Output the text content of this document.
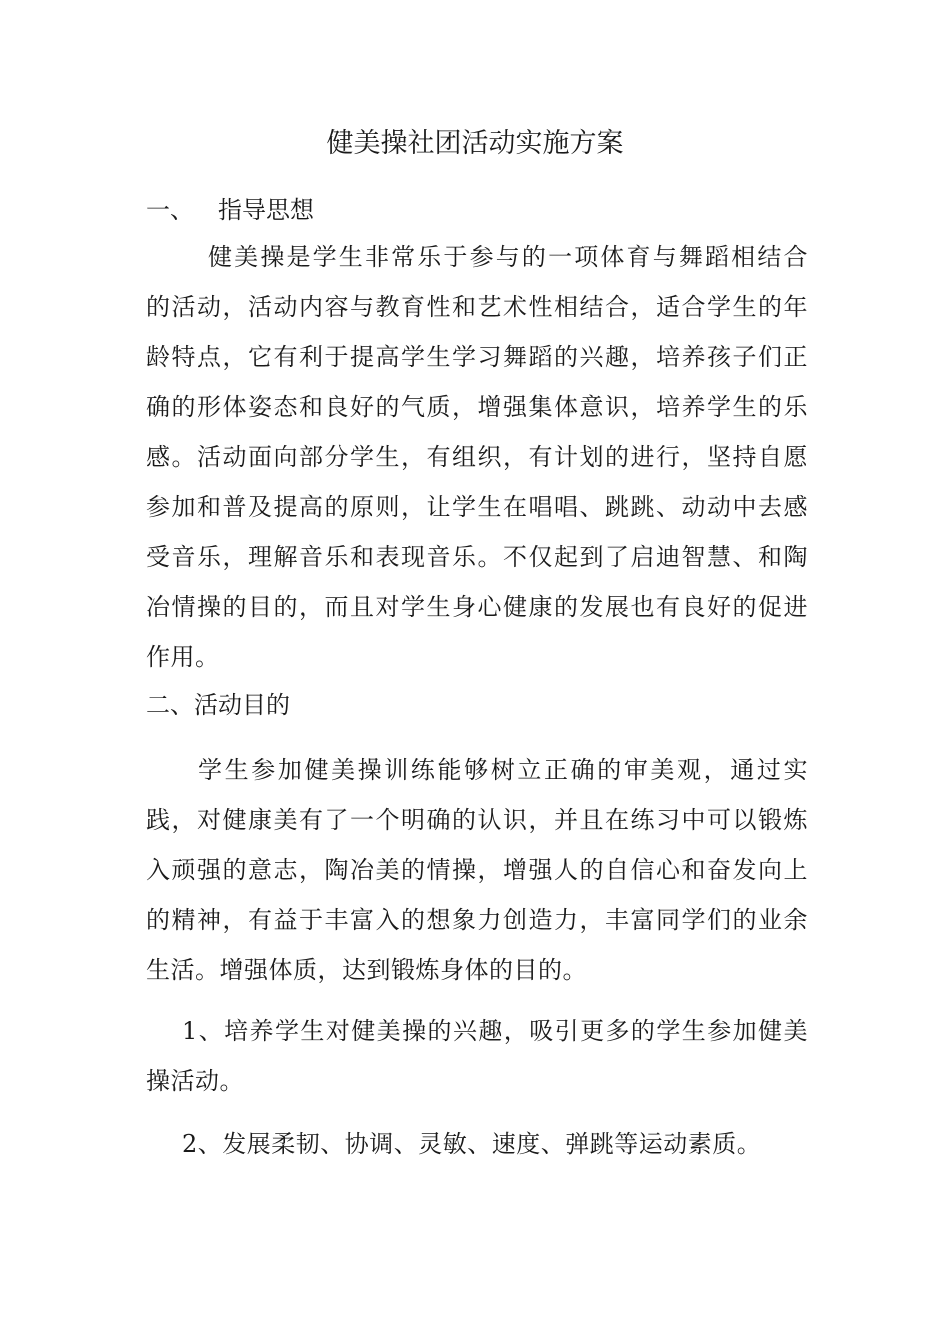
健美操社团活动实施方案
一、 指导思想
健美操是学生非常乐于参与的一项体育与舞蹈相结合
的活动，活动内容与教育性和艺术性相结合，适合学生的年
龄特点，它有利于提高学生学习舞蹈的兴趣，培养孩子们正
确的形体姿态和良好的气质，增强集体意识，培养学生的乐
感。活动面向部分学生，有组织，有计划的进行，坚持自愿
参加和普及提高的原则，让学生在唱唱、跳跳、动动中去感
受音乐，理解音乐和表现音乐。不仅起到了启迪智慧、和陶
冶情操的目的，而且对学生身心健康的发展也有良好的促进
作用。
二、活动目的
学生参加健美操训练能够树立正确的审美观，通过实
践，对健康美有了一个明确的认识，并且在练习中可以锻炼
入顽强的意志，陶冶美的情操，增强人的自信心和奋发向上
的精神，有益于丰富入的想象力创造力，丰富同学们的业余
生活。增强体质，达到锻炼身体的目的。
1、培养学生对健美操的兴趣，吸引更多的学生参加健美
操活动。
2、发展柔韧、协调、灵敏、速度、弹跳等运动素质。
